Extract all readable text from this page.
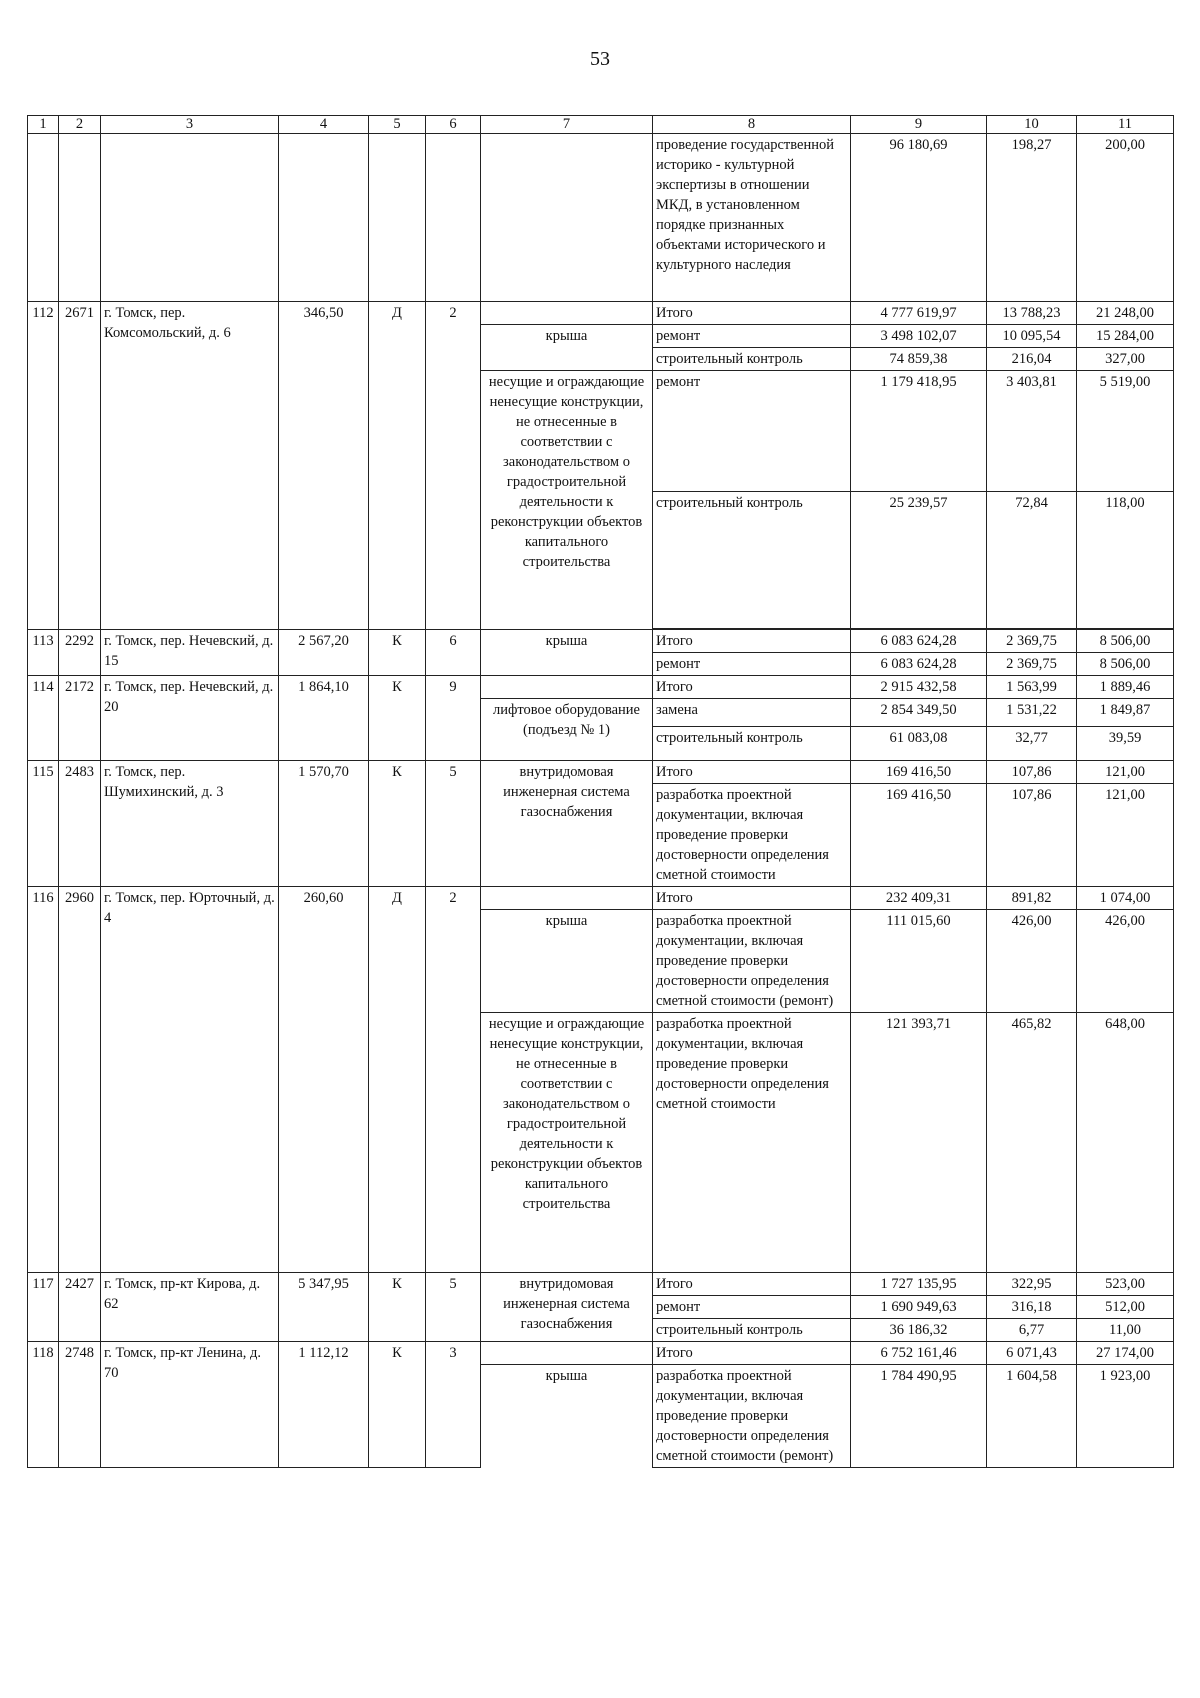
53
1	2	3	4	5	6	7	8	9	10	11
							проведение государственной историко - культурной экспертизы в отношении МКД, в установленном порядке признанных объектами исторического и культурного наследия	96 180,69	198,27	200,00
112	2671	г. Томск, пер. Комсомольский, д. 6	346,50	Д	2		Итого	4 777 619,97	13 788,23	21 248,00
						крыша	ремонт	3 498 102,07	10 095,54	15 284,00
							строительный контроль	74 859,38	216,04	327,00
						несущие и ограждающие ненесущие конструкции, не отнесенные в соответствии с законодательством о градостроительной деятельности к реконструкции объектов капитального строительства	ремонт	1 179 418,95	3 403,81	5 519,00
							строительный контроль	25 239,57	72,84	118,00

113	2292	г. Томск, пер. Нечевский, д. 15	2 567,20	К	6	крыша	Итого	6 083 624,28	2 369,75	8 506,00
							ремонт	6 083 624,28	2 369,75	8 506,00
114	2172	г. Томск, пер. Нечевский, д. 20	1 864,10	К	9		Итого	2 915 432,58	1 563,99	1 889,46
						лифтовое оборудование (подъезд № 1)	замена	2 854 349,50	1 531,22	1 849,87
							строительный контроль	61 083,08	32,77	39,59
115	2483	г. Томск, пер. Шумихинский, д. 3	1 570,70	К	5	внутридомовая инженерная система газоснабжения	Итого	169 416,50	107,86	121,00
							разработка проектной документации, включая проведение проверки достоверности определения сметной стоимости	169 416,50	107,86	121,00
116	2960	г. Томск, пер. Юрточный, д. 4	260,60	Д	2		Итого	232 409,31	891,82	1 074,00
						крыша	разработка проектной документации, включая проведение проверки достоверности определения сметной стоимости (ремонт)	111 015,60	426,00	426,00
						несущие и ограждающие ненесущие конструкции, не отнесенные в соответствии с законодательством о градостроительной деятельности к реконструкции объектов капитального строительства	разработка проектной документации, включая проведение проверки достоверности определения сметной стоимости	121 393,71	465,82	648,00
117	2427	г. Томск, пр-кт Кирова, д. 62	5 347,95	К	5	внутридомовая инженерная система газоснабжения	Итого	1 727 135,95	322,95	523,00
							ремонт	1 690 949,63	316,18	512,00
							строительный контроль	36 186,32	6,77	11,00
118	2748	г. Томск, пр-кт Ленина, д. 70	1 112,12	К	3		Итого	6 752 161,46	6 071,43	27 174,00
						крыша	разработка проектной документации, включая проведение проверки достоверности определения сметной стоимости (ремонт)	1 784 490,95	1 604,58	1 923,00
